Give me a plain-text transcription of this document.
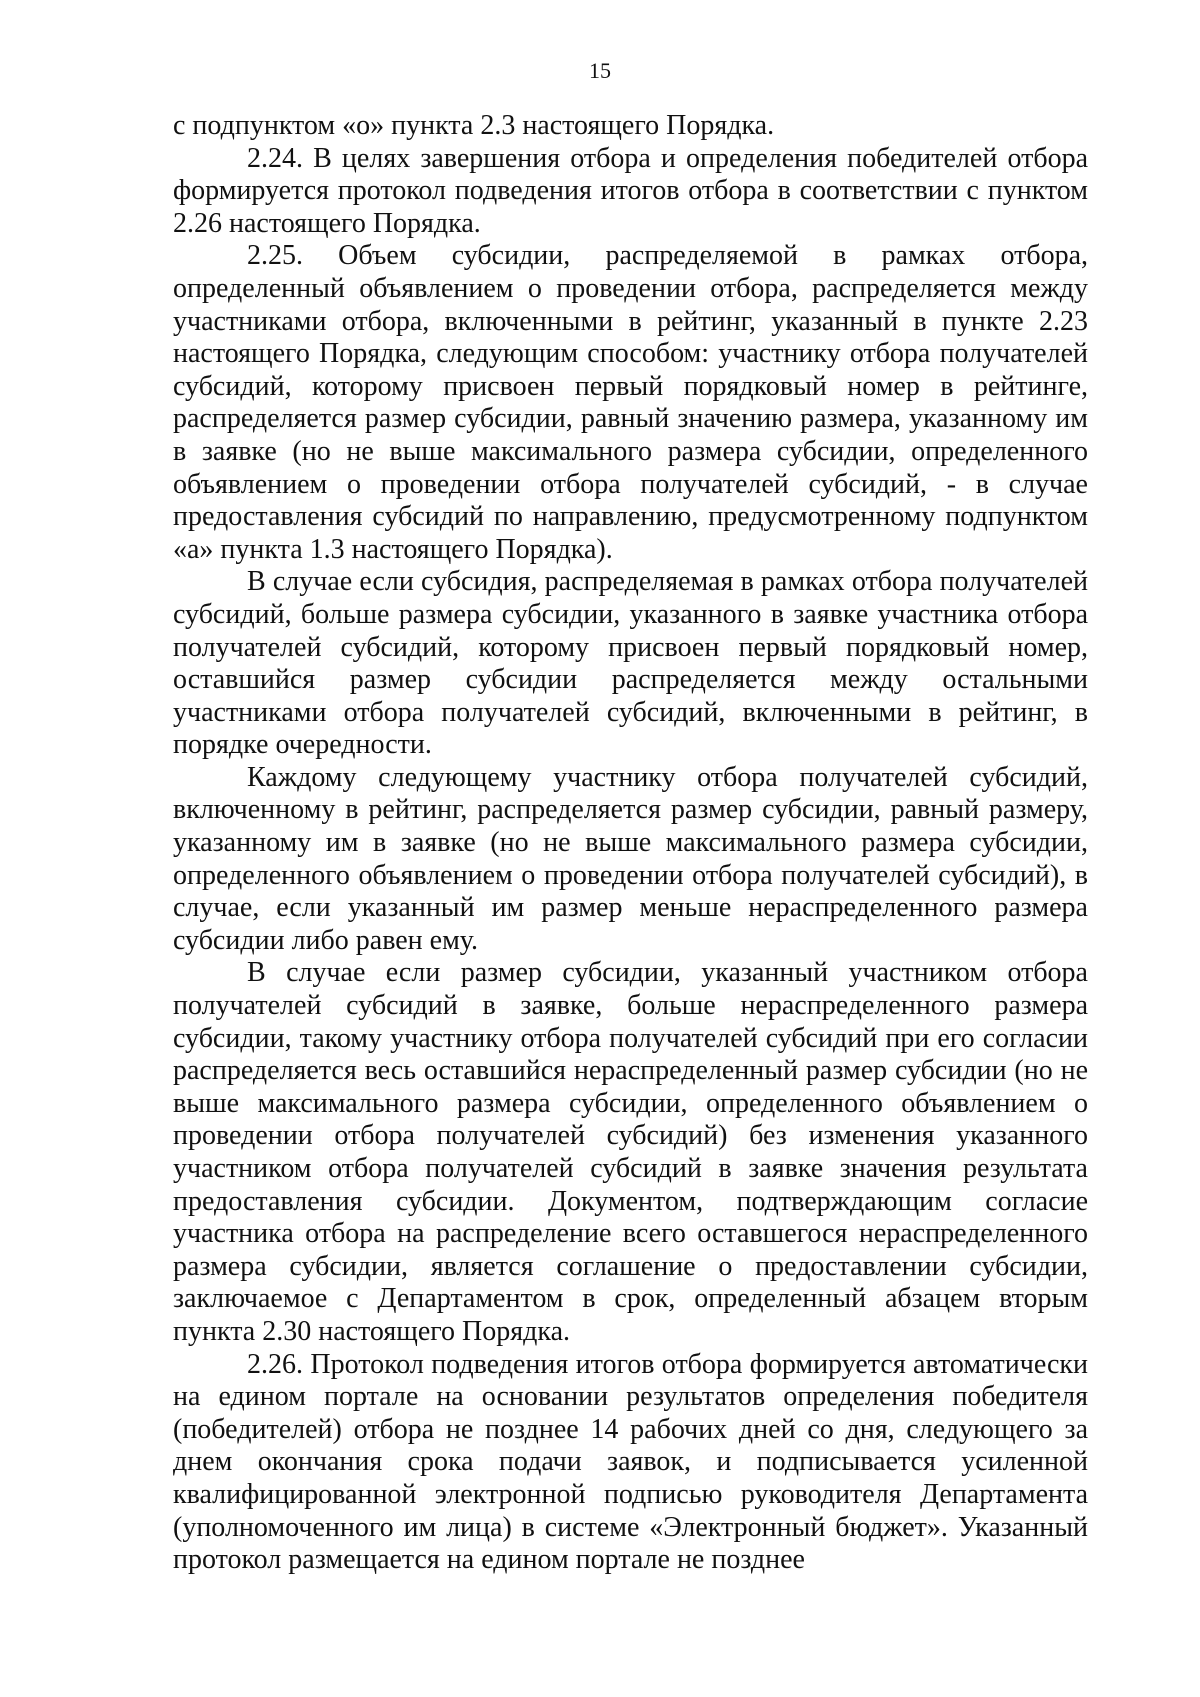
15

с подпунктом «о» пункта 2.3 настоящего Порядка.

2.24. В целях завершения отбора и определения победителей отбора формируется протокол подведения итогов отбора в соответствии с пунктом 2.26 настоящего Порядка.

2.25. Объем субсидии, распределяемой в рамках отбора, определенный объявлением о проведении отбора, распределяется между участниками отбора, включенными в рейтинг, указанный в пункте 2.23 настоящего Порядка, следующим способом: участнику отбора получателей субсидий, которому присвоен первый порядковый номер в рейтинге, распределяется размер субсидии, равный значению размера, указанному им в заявке (но не выше максимального размера субсидии, определенного объявлением о проведении отбора получателей субсидий, - в случае предоставления субсидий по направлению, предусмотренному подпунктом «а» пункта 1.3 настоящего Порядка).

В случае если субсидия, распределяемая в рамках отбора получателей субсидий, больше размера субсидии, указанного в заявке участника отбора получателей субсидий, которому присвоен первый порядковый номер, оставшийся размер субсидии распределяется между остальными участниками отбора получателей субсидий, включенными в рейтинг, в порядке очередности.

Каждому следующему участнику отбора получателей субсидий, включенному в рейтинг, распределяется размер субсидии, равный размеру, указанному им в заявке (но не выше максимального размера субсидии, определенного объявлением о проведении отбора получателей субсидий), в случае, если указанный им размер меньше нераспределенного размера субсидии либо равен ему.

В случае если размер субсидии, указанный участником отбора получателей субсидий в заявке, больше нераспределенного размера субсидии, такому участнику отбора получателей субсидий при его согласии распределяется весь оставшийся нераспределенный размер субсидии (но не выше максимального размера субсидии, определенного объявлением о проведении отбора получателей субсидий) без изменения указанного участником отбора получателей субсидий в заявке значения результата предоставления субсидии. Документом, подтверждающим согласие участника отбора на распределение всего оставшегося нераспределенного размера субсидии, является соглашение о предоставлении субсидии, заключаемое с Департаментом в срок, определенный абзацем вторым пункта 2.30 настоящего Порядка.

2.26. Протокол подведения итогов отбора формируется автоматически на едином портале на основании результатов определения победителя (победителей) отбора не позднее 14 рабочих дней со дня, следующего за днем окончания срока подачи заявок, и подписывается усиленной квалифицированной электронной подписью руководителя Департамента (уполномоченного им лица) в системе «Электронный бюджет». Указанный протокол размещается на едином портале не позднее
